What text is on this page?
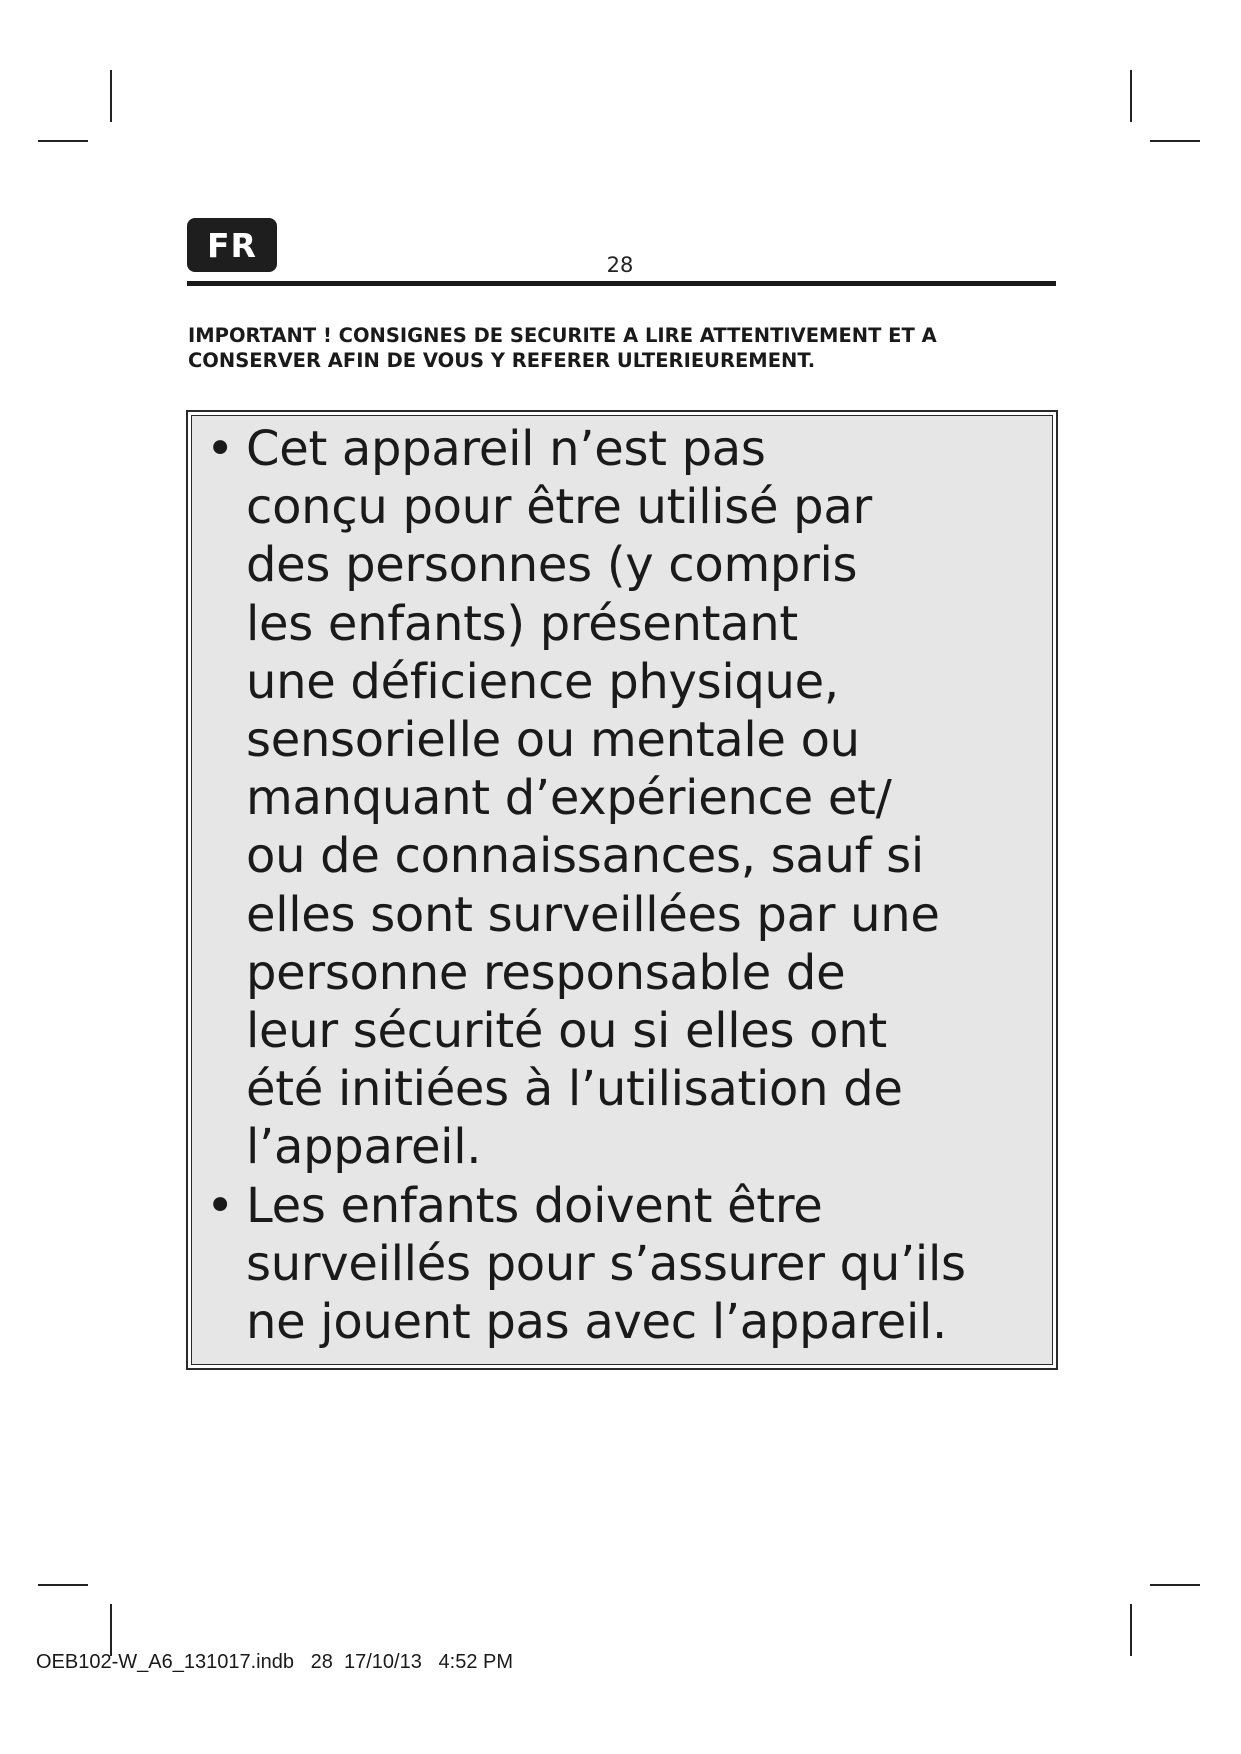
FR
28

IMPORTANT ! CONSIGNES DE SECURITE A LIRE ATTENTIVEMENT ET A
CONSERVER AFIN DE VOUS Y REFERER ULTERIEUREMENT.

• Cet appareil n’est pas
conçu pour être utilisé par
des personnes (y compris
les enfants) présentant
une déficience physique,
sensorielle ou mentale ou
manquant d’expérience et/
ou de connaissances, sauf si
elles sont surveillées par une
personne responsable de
leur sécurité ou si elles ont
été initiées à l’utilisation de
l’appareil.
• Les enfants doivent être
surveillés pour s’assurer qu’ils
ne jouent pas avec l’appareil.
OEB102-W_A6_131017.indb   28  17/10/13   4:52 PM
